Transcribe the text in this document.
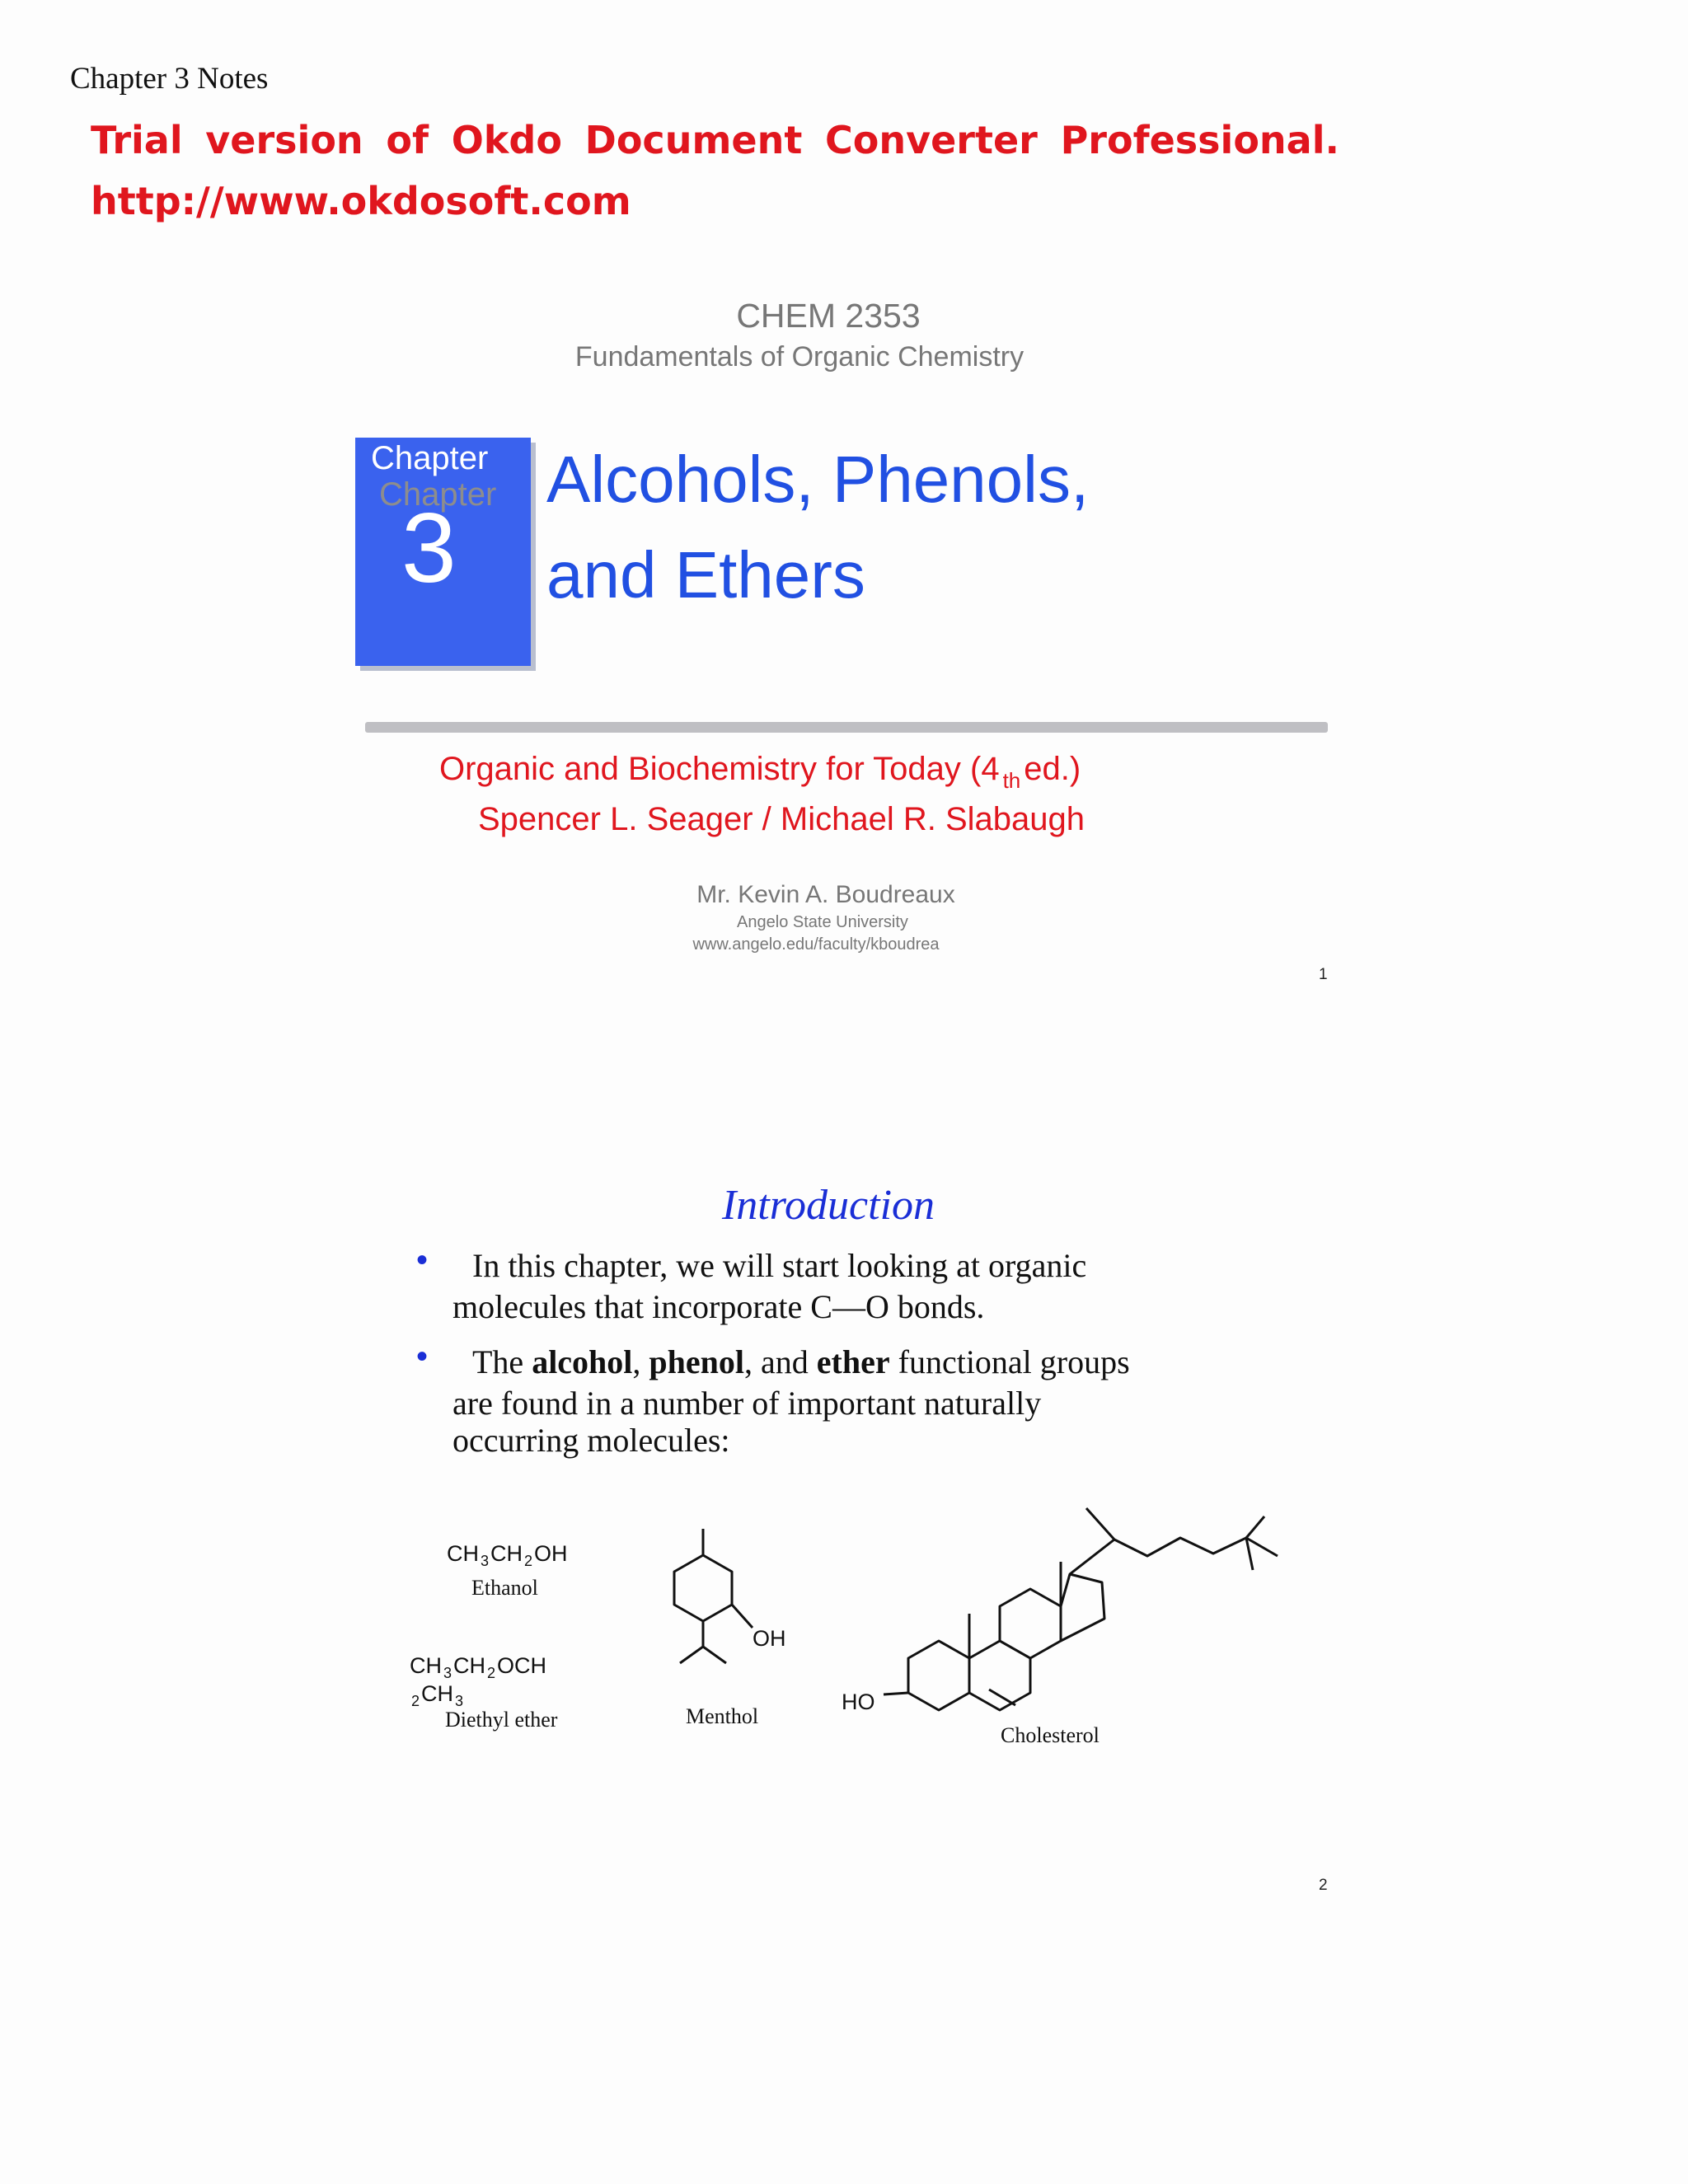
Chapter 3 Notes
Trial version of Okdo Document Converter Professional.
http://www.okdosoft.com
CHEM 2353
Fundamentals of Organic Chemistry
Chapter
Chapter
3
Alcohols, Phenols,
and Ethers
Organic and Biochemistry for Today (4 $_{th}$ ed.)
Spencer L. Seager / Michael R. Slabaugh
Mr. Kevin A. Boudreaux
Angelo State University
www.angelo.edu/faculty/kboudrea
1
Introduction
• In this chapter, we will start looking at organic
molecules that incorporate C—O bonds.
• The alcohol, phenol, and ether functional groups
are found in a number of important naturally
occurring molecules:
CH $_3$CH $_2$OH
Ethanol
CH $_3$CH $_2$OCH
$_2$CH $_3$
Diethyl ether
OH
Menthol
HO
Cholesterol
2
